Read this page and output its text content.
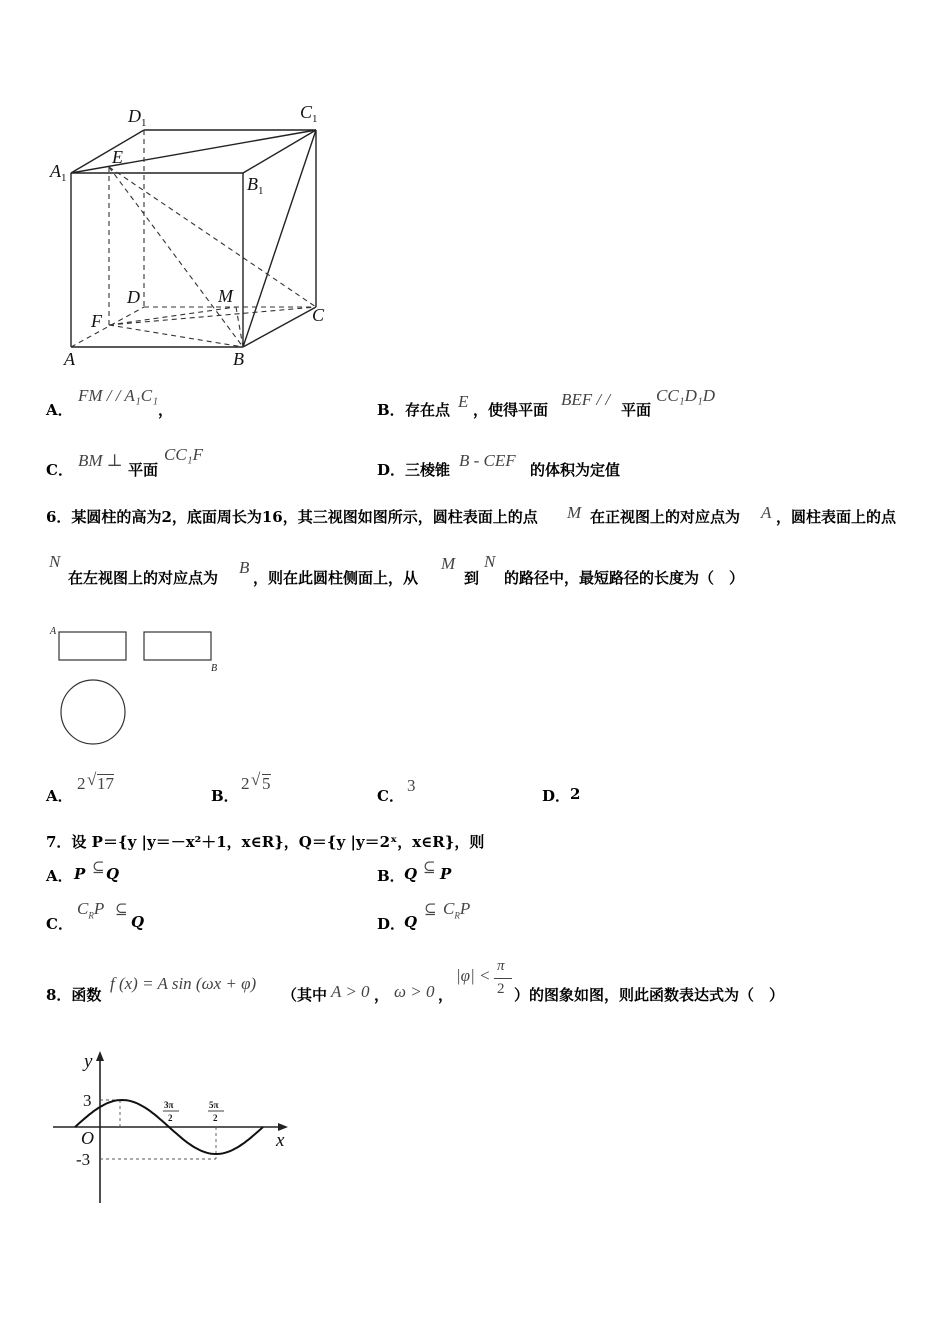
$A_1$
$D_1$
$C_1$
$B_1$
E
D	M
C
F
A	B
A．
FM / / A₁C₁
，	B． 存在点 E ，使得平面
BEF / /
平面
CC₁D₁D
C． BM ⊥ 平面
CC₁F
D． 三棱锥 B - CEF 的体积为定值
6．某圆柱的高为2，底面周长为16，其三视图如图所示，圆柱表面上的点 M 在正视图上的对应点为 A ，圆柱表面上的点
N
在左视图上的对应点为
B
，则在此圆柱侧面上，从
M
到
N
的路径中，最短路径的长度为（　）
A
B
A．
2 √ 17
B．
2 √ 5
C．
3
D． 2
7．设 P＝{y |y＝－x²＋1，x∈R}，Q＝{y |y＝2ˣ，x∈R}，则
A． P ⊆ Q	B． Q ⊆ P
C．
$C_RP$ ⊆
Q	D．
Q
⊆ $C_RP$
8．函数
f (x) = A sin (ωx + φ)
（其中 A > 0 ， ω > 0 ，
|φ| < π
2 ）的图象如图，则此函数表达式为（　）
y
x
O
3
-3
3π
2
5π
2
